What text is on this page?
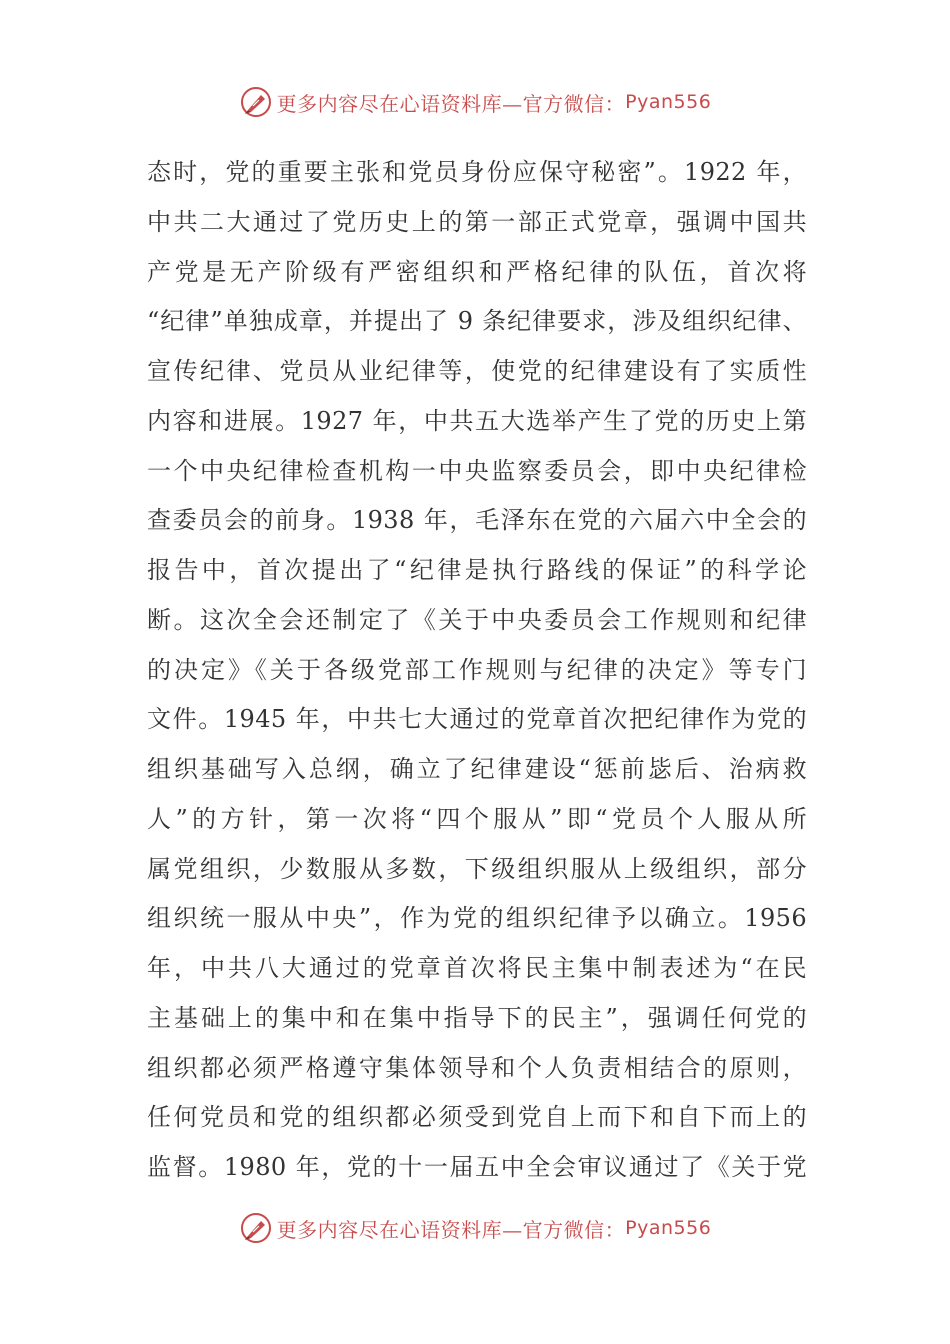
更多内容尽在心语资料库—官方微信： Pyan556
态时，党的重要主张和党员身份应保守秘密”。1922 年，
中共二大通过了党历史上的第一部正式党章，强调中国共
产党是无产阶级有严密组织和严格纪律的队伍，首次将
“纪律”单独成章，并提出了 9 条纪律要求，涉及组织纪律、
宣传纪律、党员从业纪律等，使党的纪律建设有了实质性
内容和进展。1927 年，中共五大选举产生了党的历史上第
一个中央纪律检查机构一中央监察委员会，即中央纪律检
查委员会的前身。1938 年，毛泽东在党的六届六中全会的
报告中，首次提出了“纪律是执行路线的保证”的科学论
断。这次全会还制定了《关于中央委员会工作规则和纪律
的决定》《关于各级党部工作规则与纪律的决定》等专门
文件。1945 年，中共七大通过的党章首次把纪律作为党的
组织基础写入总纲，确立了纪律建设“惩前毖后、治病救
人”的方针，第一次将“四个服从”即“党员个人服从所
属党组织，少数服从多数，下级组织服从上级组织，部分
组织统一服从中央”，作为党的组织纪律予以确立。1956
年，中共八大通过的党章首次将民主集中制表述为“在民
主基础上的集中和在集中指导下的民主”，强调任何党的
组织都必须严格遵守集体领导和个人负责相结合的原则，
任何党员和党的组织都必须受到党自上而下和自下而上的
监督。1980 年，党的十一届五中全会审议通过了《关于党
更多内容尽在心语资料库—官方微信： Pyan556
